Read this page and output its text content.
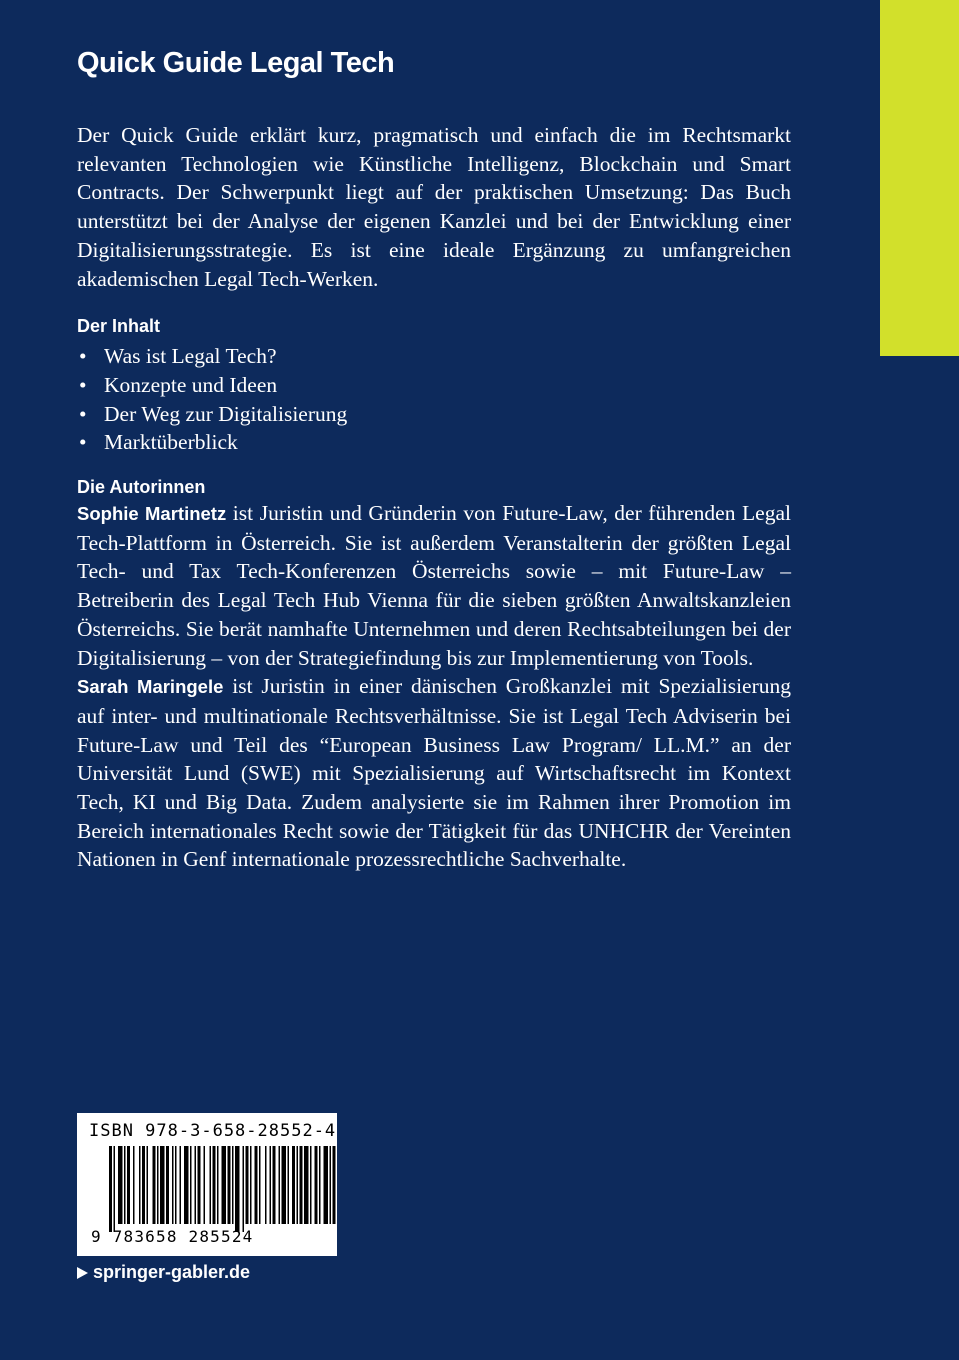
Quick Guide Legal Tech

Der Quick Guide erklärt kurz, pragmatisch und einfach die im Rechtsmarkt relevanten Technologien wie Künstliche Intelligenz, Blockchain und Smart Contracts. Der Schwerpunkt liegt auf der praktischen Umsetzung: Das Buch unterstützt bei der Analyse der eigenen Kanzlei und bei der Entwicklung einer Digitalisierungsstrategie. Es ist eine ideale Ergänzung zu umfangreichen akademischen Legal Tech-Werken.

Der Inhalt
• Was ist Legal Tech?
• Konzepte und Ideen
• Der Weg zur Digitalisierung
• Marktüberblick
Die Autorinnen

Sophie Martinetz ist Juristin und Gründerin von Future-Law, der führenden Legal Tech-Plattform in Österreich. Sie ist außerdem Veranstalterin der größten Legal Tech- und Tax Tech-Konferenzen Österreichs sowie – mit Future-Law – Betreiberin des Legal Tech Hub Vienna für die sieben größten Anwaltskanzleien Österreichs. Sie berät namhafte Unternehmen und deren Rechtsabteilungen bei der Digitalisierung – von der Strategiefindung bis zur Implementierung von Tools.

Sarah Maringele ist Juristin in einer dänischen Großkanzlei mit Spezialisierung auf inter- und multinationale Rechtsverhältnisse. Sie ist Legal Tech Adviserin bei Future-Law und Teil des “European Business Law Program/ LL.M.” an der Universität Lund (SWE) mit Spezialisierung auf Wirtschaftsrecht im Kontext Tech, KI und Big Data. Zudem analysierte sie im Rahmen ihrer Promotion im Bereich internationales Recht sowie der Tätigkeit für das UNHCHR der Vereinten Nationen in Genf internationale prozessrechtliche Sachverhalte.

ISBN 978-3-658-28552-4
9 783658 285524
springer-gabler.de
